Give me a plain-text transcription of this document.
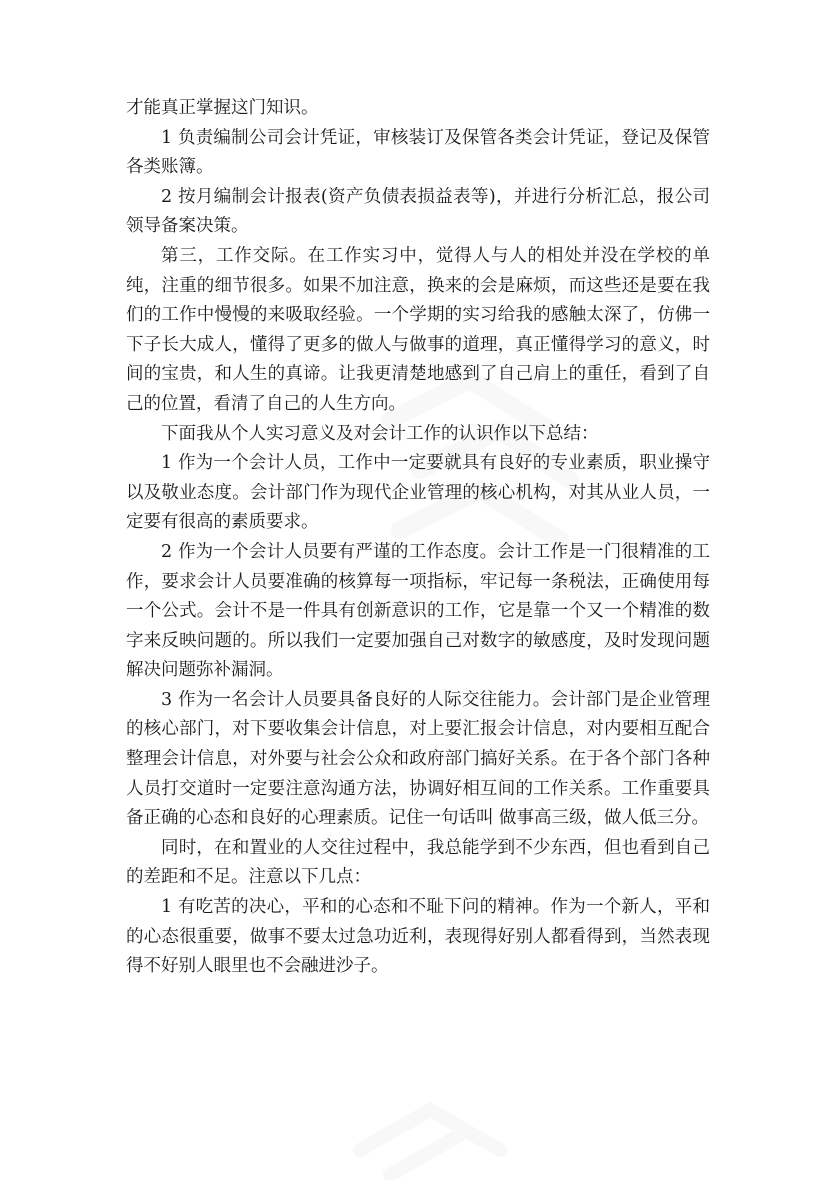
才能真正掌握这门知识。

1 负责编制公司会计凭证，审核装订及保管各类会计凭证，登记及保管各类账簿。

2 按月编制会计报表(资产负债表损益表等)，并进行分析汇总，报公司领导备案决策。

第三，工作交际。在工作实习中，觉得人与人的相处并没在学校的单纯，注重的细节很多。如果不加注意，换来的会是麻烦，而这些还是要在我们的工作中慢慢的来吸取经验。一个学期的实习给我的感触太深了，仿佛一下子长大成人，懂得了更多的做人与做事的道理，真正懂得学习的意义，时间的宝贵，和人生的真谛。让我更清楚地感到了自己肩上的重任，看到了自己的位置，看清了自己的人生方向。

下面我从个人实习意义及对会计工作的认识作以下总结：

1 作为一个会计人员，工作中一定要就具有良好的专业素质，职业操守以及敬业态度。会计部门作为现代企业管理的核心机构，对其从业人员，一定要有很高的素质要求。

2 作为一个会计人员要有严谨的工作态度。会计工作是一门很精准的工作，要求会计人员要准确的核算每一项指标，牢记每一条税法，正确使用每一个公式。会计不是一件具有创新意识的工作，它是靠一个又一个精准的数字来反映问题的。所以我们一定要加强自己对数字的敏感度，及时发现问题解决问题弥补漏洞。

3 作为一名会计人员要具备良好的人际交往能力。会计部门是企业管理的核心部门，对下要收集会计信息，对上要汇报会计信息，对内要相互配合整理会计信息，对外要与社会公众和政府部门搞好关系。在于各个部门各种人员打交道时一定要注意沟通方法，协调好相互间的工作关系。工作重要具备正确的心态和良好的心理素质。记住一句话叫 做事高三级，做人低三分。

同时，在和置业的人交往过程中，我总能学到不少东西，但也看到自己的差距和不足。注意以下几点：

1 有吃苦的决心，平和的心态和不耻下问的精神。作为一个新人，平和的心态很重要，做事不要太过急功近利，表现得好别人都看得到，当然表现得不好别人眼里也不会融进沙子。
